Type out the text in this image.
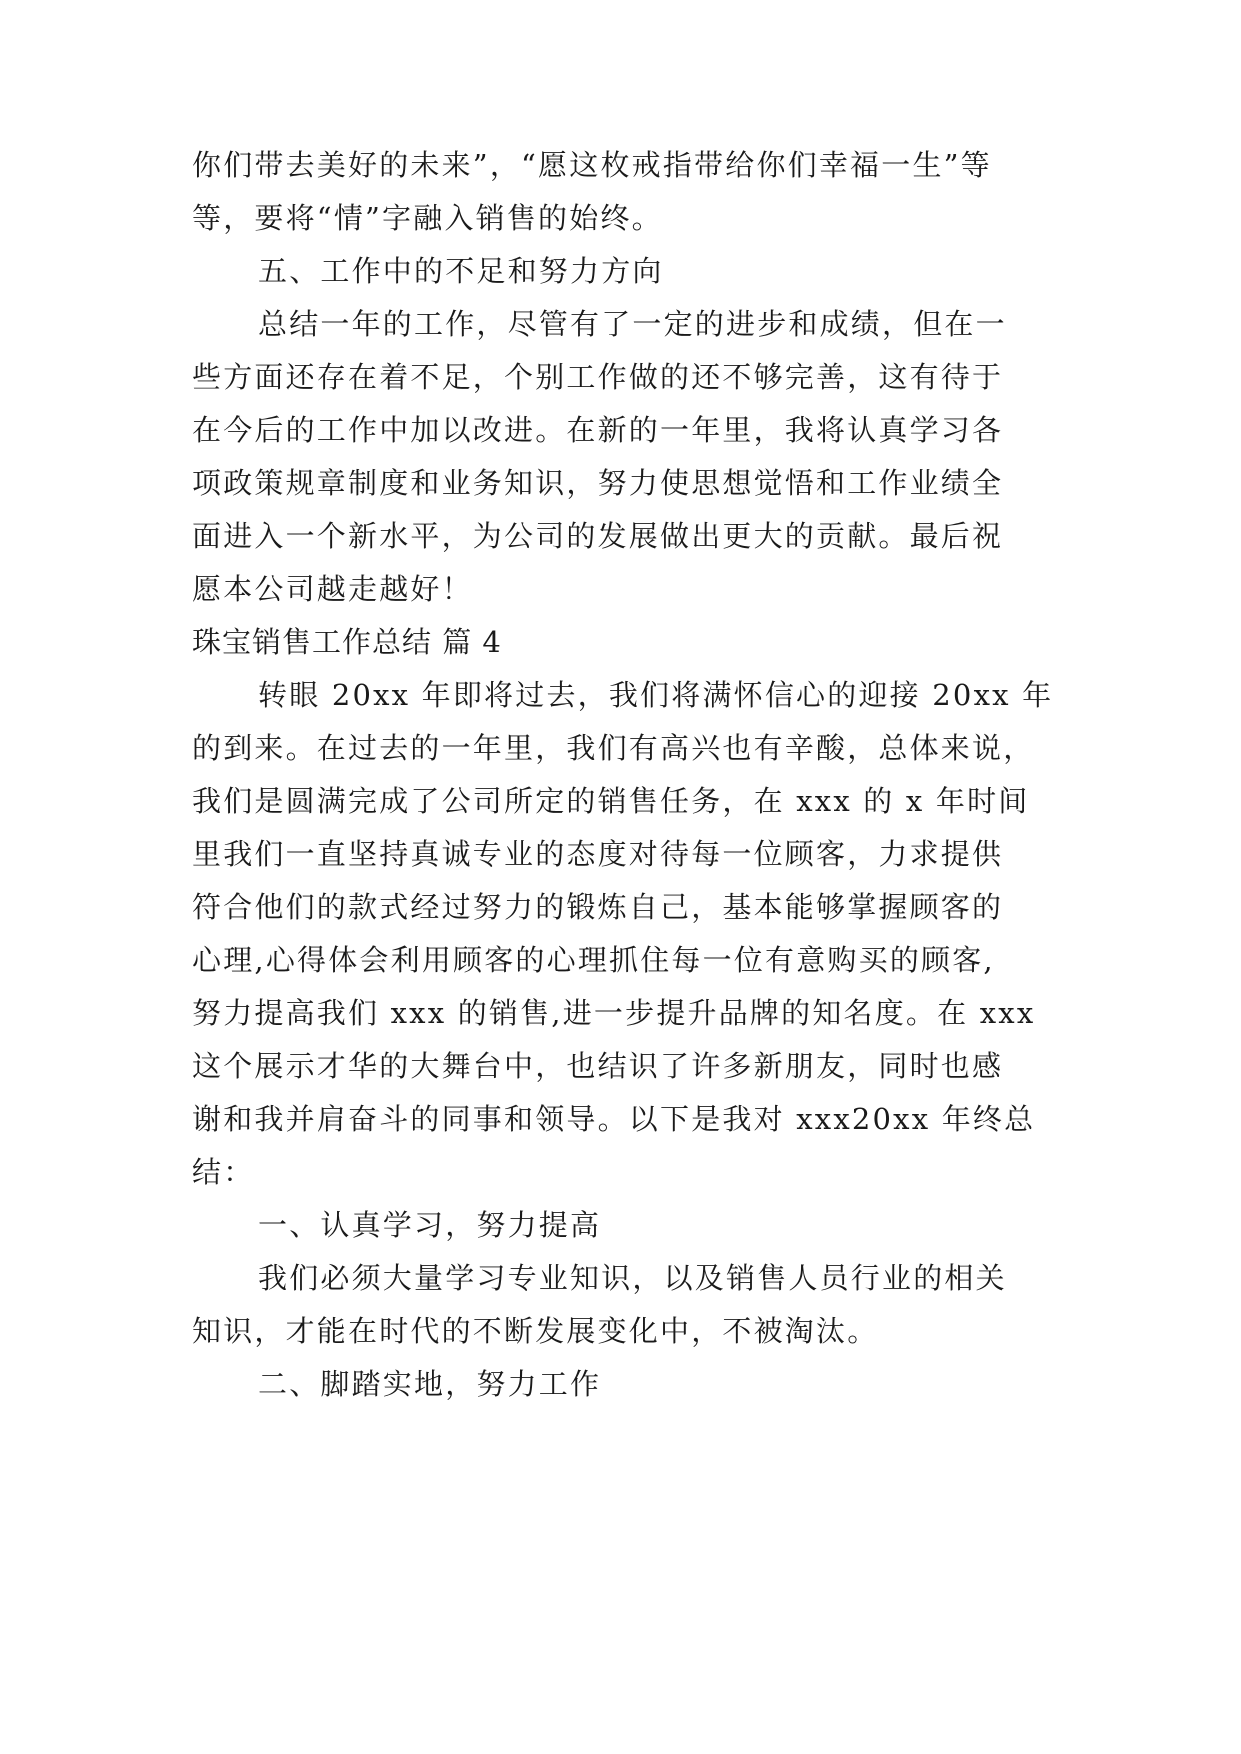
你们带去美好的未来”，“愿这枚戒指带给你们幸福一生”等

等，要将“情”字融入销售的始终。

五、工作中的不足和努力方向

总结一年的工作，尽管有了一定的进步和成绩，但在一

些方面还存在着不足，个别工作做的还不够完善，这有待于

在今后的工作中加以改进。在新的一年里，我将认真学习各

项政策规章制度和业务知识，努力使思想觉悟和工作业绩全

面进入一个新水平，为公司的发展做出更大的贡献。最后祝

愿本公司越走越好！

珠宝销售工作总结 篇 4

转眼 20xx 年即将过去，我们将满怀信心的迎接 20xx 年

的到来。在过去的一年里，我们有高兴也有辛酸，总体来说，

我们是圆满完成了公司所定的销售任务，在 xxx 的 x 年时间

里我们一直坚持真诚专业的态度对待每一位顾客，力求提供

符合他们的款式经过努力的锻炼自己，基本能够掌握顾客的

心理,心得体会利用顾客的心理抓住每一位有意购买的顾客,

努力提高我们 xxx 的销售,进一步提升品牌的知名度。在 xxx

这个展示才华的大舞台中，也结识了许多新朋友，同时也感

谢和我并肩奋斗的同事和领导。以下是我对 xxx20xx 年终总

结：

一、认真学习，努力提高

我们必须大量学习专业知识，以及销售人员行业的相关

知识，才能在时代的不断发展变化中，不被淘汰。

二、脚踏实地，努力工作
